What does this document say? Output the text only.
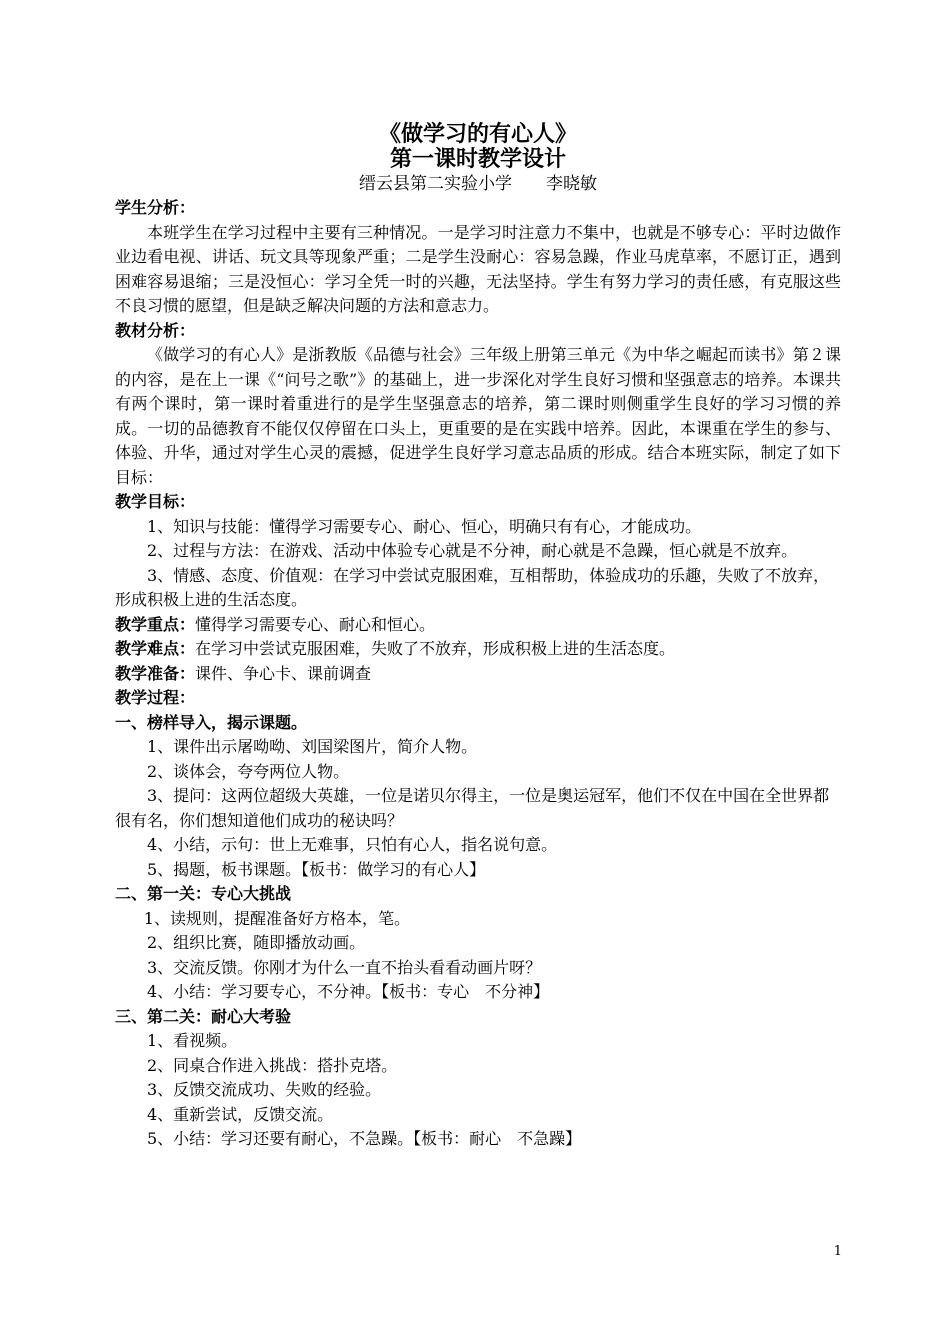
《做学习的有心人》

第一课时教学设计

缙云县第二实验小学　　李晓敏

学生分析：

本班学生在学习过程中主要有三种情况。一是学习时注意力不集中，也就是不够专心：平时边做作业边看电视、讲话、玩文具等现象严重；二是学生没耐心：容易急躁，作业马虎草率，不愿订正，遇到困难容易退缩；三是没恒心：学习全凭一时的兴趣，无法坚持。学生有努力学习的责任感，有克服这些不良习惯的愿望，但是缺乏解决问题的方法和意志力。

教材分析：

《做学习的有心人》是浙教版《品德与社会》三年级上册第三单元《为中华之崛起而读书》第２课的内容，是在上一课《“问号之歌”》的基础上，进一步深化对学生良好习惯和坚强意志的培养。本课共有两个课时，第一课时着重进行的是学生坚强意志的培养，第二课时则侧重学生良好的学习习惯的养成。一切的品德教育不能仅仅停留在口头上，更重要的是在实践中培养。因此，本课重在学生的参与、体验、升华，通过对学生心灵的震撼，促进学生良好学习意志品质的形成。结合本班实际，制定了如下目标：

教学目标：

1、知识与技能：懂得学习需要专心、耐心、恒心，明确只有有心，才能成功。

2、过程与方法：在游戏、活动中体验专心就是不分神，耐心就是不急躁，恒心就是不放弃。

3、情感、态度、价值观：在学习中尝试克服困难，互相帮助，体验成功的乐趣，失败了不放弃，形成积极上进的生活态度。

教学重点：懂得学习需要专心、耐心和恒心。

教学难点：在学习中尝试克服困难，失败了不放弃，形成积极上进的生活态度。

教学准备：课件、争心卡、课前调查

教学过程：

一、榜样导入，揭示课题。

1、课件出示屠呦呦、刘国梁图片，简介人物。

2、谈体会，夸夸两位人物。

3、提问：这两位超级大英雄，一位是诺贝尔得主，一位是奥运冠军，他们不仅在中国在全世界都很有名，你们想知道他们成功的秘诀吗？

4、小结，示句：世上无难事，只怕有心人，指名说句意。

5、揭题，板书课题。【板书：做学习的有心人】

二、第一关：专心大挑战

1、读规则，提醒准备好方格本，笔。

2、组织比赛，随即播放动画。

3、交流反馈。你刚才为什么一直不抬头看看动画片呀？

4、小结：学习要专心，不分神。【板书：专心　不分神】

三、第二关：耐心大考验

1、看视频。

2、同桌合作进入挑战：搭扑克塔。

3、反馈交流成功、失败的经验。

4、重新尝试，反馈交流。

5、小结：学习还要有耐心，不急躁。【板书：耐心　不急躁】

1
